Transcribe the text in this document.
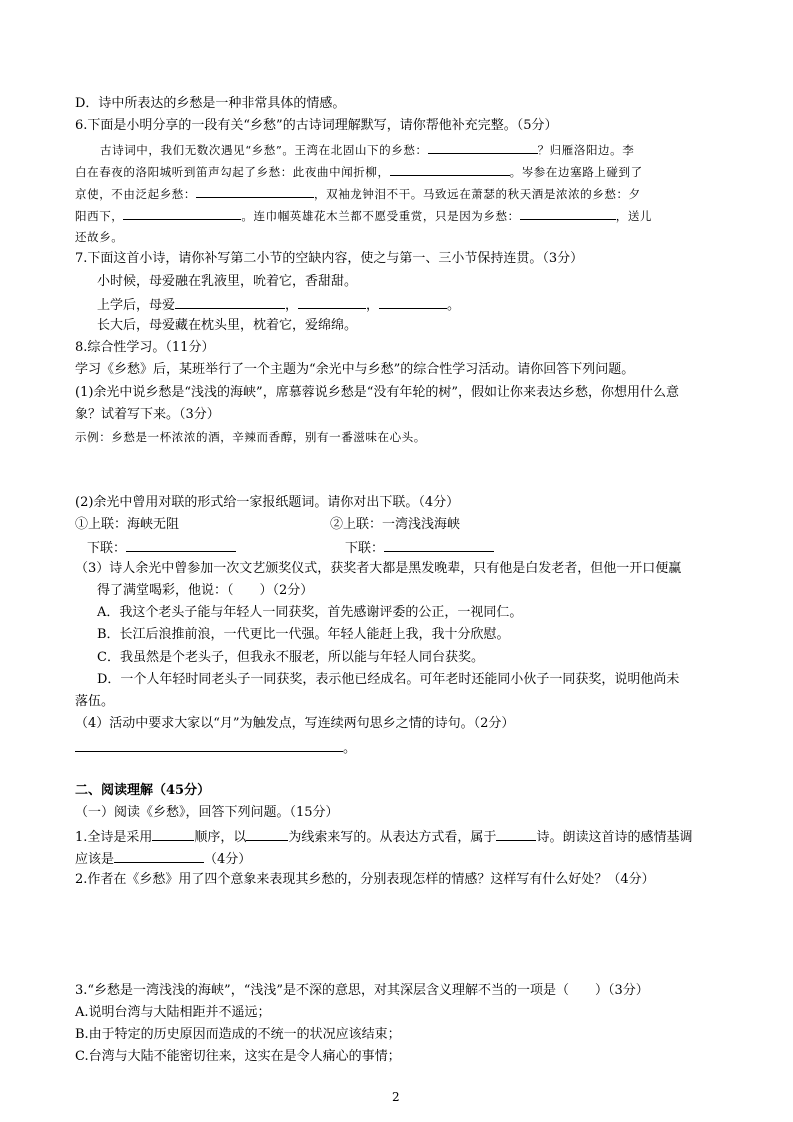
D．诗中所表达的乡愁是一种非常具体的情感。
6.下面是小明分享的一段有关“乡愁”的古诗词理解默写，请你帮他补充完整。（5分）
古诗词中，我们无数次遇见“乡愁”。王湾在北固山下的乡愁：	？归雁洛阳边。李
白在春夜的洛阳城听到笛声勾起了乡愁：此夜曲中闻折柳，	。岑参在边塞路上碰到了
京使，不由泛起乡愁：	，双袖龙钟泪不干。马致远在萧瑟的秋天酒是浓浓的乡愁：夕
阳西下，	。连巾帼英雄花木兰都不愿受重赏，只是因为乡愁：	，送儿
还故乡。
7.下面这首小诗，请你补写第二小节的空缺内容，使之与第一、三小节保持连贯。（3分）
小时候，母爱融在乳液里，吮着它，香甜甜。
上学后，母爱	，	，	。
长大后，母爱藏在枕头里，枕着它，爱绵绵。
8.综合性学习。（11分）
学习《乡愁》后，某班举行了一个主题为“余光中与乡愁”的综合性学习活动。请你回答下列问题。
(1)余光中说乡愁是“浅浅的海峡”，席慕蓉说乡愁是“没有年轮的树”，假如让你来表达乡愁，你想用什么意
象？试着写下来。（3分）
示例：乡愁是一杯浓浓的酒，辛辣而香醇，别有一番滋味在心头。
(2)余光中曾用对联的形式给一家报纸题词。请你对出下联。（4分）
①上联：海峡无阻	②上联：一湾浅浅海峡
下联：	下联：
（3）诗人余光中曾参加一次文艺颁奖仪式，获奖者大都是黑发晚辈，只有他是白发老者，但他一开口便赢
得了满堂喝彩，他说：（　　）（2分）
A．我这个老头子能与年轻人一同获奖，首先感谢评委的公正，一视同仁。
B．长江后浪推前浪，一代更比一代强。年轻人能赶上我，我十分欣慰。
C．我虽然是个老头子，但我永不服老，所以能与年轻人同台获奖。
D．一个人年轻时同老头子一同获奖，表示他已经成名。可年老时还能同小伙子一同获奖，说明他尚未
落伍。
（4）活动中要求大家以“月”为触发点，写连续两句思乡之情的诗句。（2分）
。
二、阅读理解（45分）
（一）阅读《乡愁》，回答下列问题。（15分）
1.全诗是采用	顺序，以	为线索来写的。从表达方式看，属于	诗。朗读这首诗的感情基调
应该是	（4分）
2.作者在《乡愁》用了四个意象来表现其乡愁的，分别表现怎样的情感？这样写有什么好处？（4分）
3.“乡愁是一湾浅浅的海峡”，“浅浅”是不深的意思，对其深层含义理解不当的一项是（　　）（3分）
A.说明台湾与大陆相距并不遥远；
B.由于特定的历史原因而造成的不统一的状况应该结束；
C.台湾与大陆不能密切往来，这实在是令人痛心的事情；
2
